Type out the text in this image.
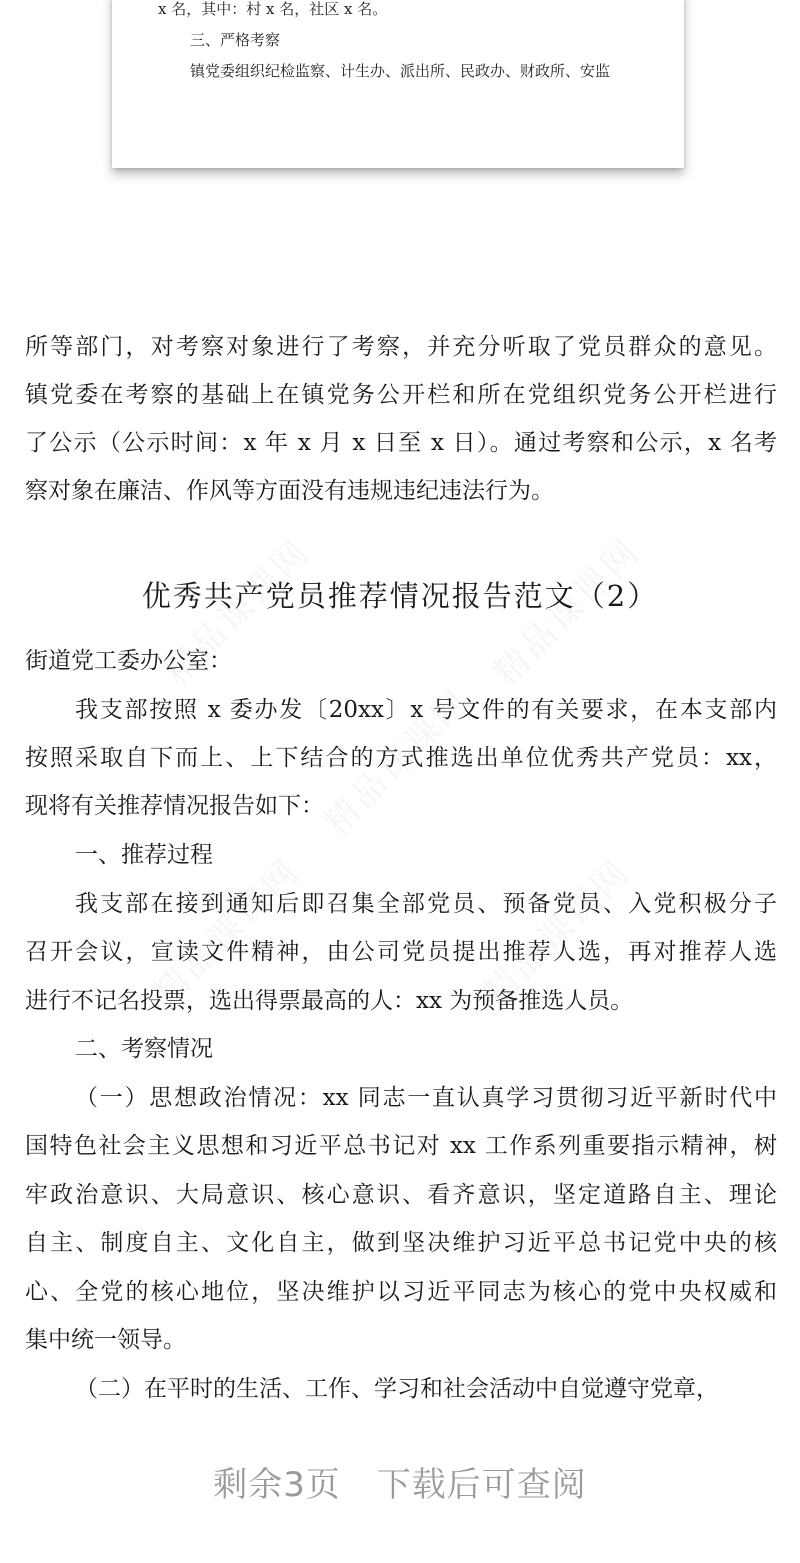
x 名，其中：村 x 名，社区 x 名。
三、严格考察
镇党委组织纪检监察、计生办、派出所、民政办、财政所、安监
所等部门，对考察对象进行了考察，并充分听取了党员群众的意见。
镇党委在考察的基础上在镇党务公开栏和所在党组织党务公开栏进行
了公示（公示时间：x 年 x 月 x 日至 x 日）。通过考察和公示，x 名考
察对象在廉洁、作风等方面没有违规违纪违法行为。
优秀共产党员推荐情况报告范文（2）
街道党工委办公室：
我支部按照 x 委办发〔20xx〕x 号文件的有关要求，在本支部内
按照采取自下而上、上下结合的方式推选出单位优秀共产党员：xx，
现将有关推荐情况报告如下：
一、推荐过程
我支部在接到通知后即召集全部党员、预备党员、入党积极分子
召开会议，宣读文件精神，由公司党员提出推荐人选，再对推荐人选
进行不记名投票，选出得票最高的人：xx 为预备推选人员。
二、考察情况
（一）思想政治情况：xx 同志一直认真学习贯彻习近平新时代中
国特色社会主义思想和习近平总书记对 xx 工作系列重要指示精神，树
牢政治意识、大局意识、核心意识、看齐意识，坚定道路自主、理论
自主、制度自主、文化自主，做到坚决维护习近平总书记党中央的核
心、全党的核心地位，坚决维护以习近平同志为核心的党中央权威和
集中统一领导。
（二）在平时的生活、工作、学习和社会活动中自觉遵守党章，
剩余3页 下载后可查阅
